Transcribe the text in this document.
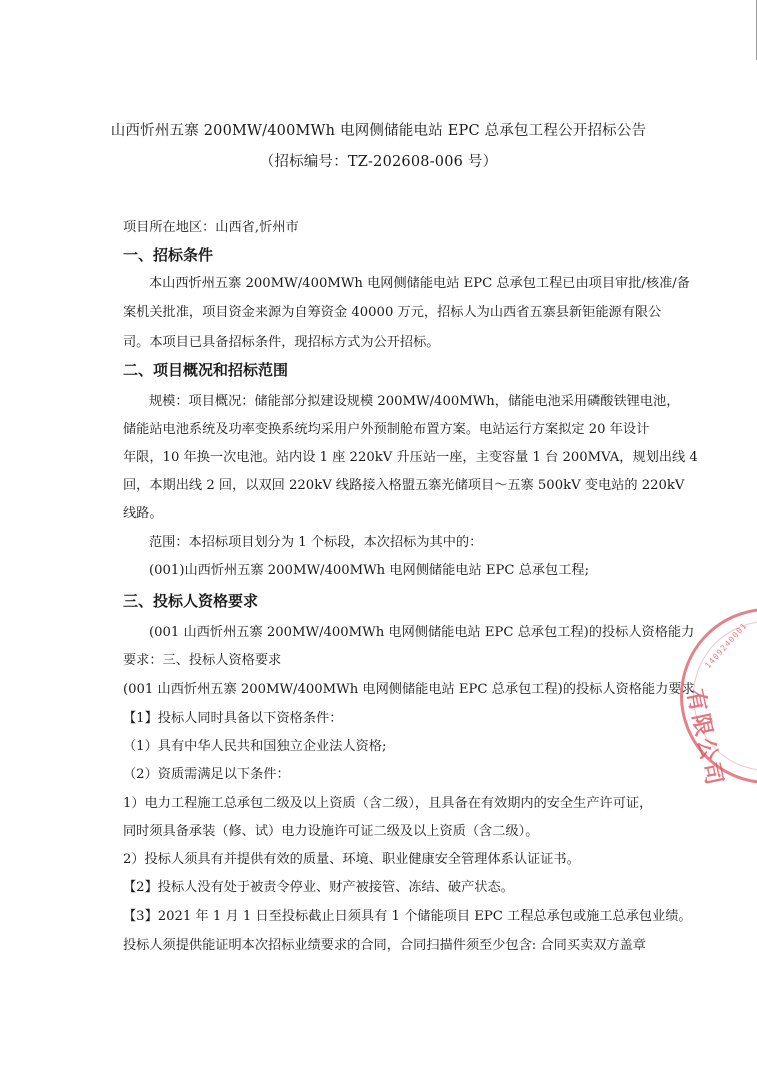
山西忻州五寨 200MW/400MWh 电网侧储能电站 EPC 总承包工程公开招标公告
（招标编号：TZ-202608-006 号）
项目所在地区：山西省,忻州市
一、招标条件
本山西忻州五寨 200MW/400MWh 电网侧储能电站 EPC 总承包工程已由项目审批/核准/备
案机关批准，项目资金来源为自筹资金 40000 万元，招标人为山西省五寨县新钜能源有限公
司。本项目已具备招标条件，现招标方式为公开招标。
二、项目概况和招标范围
规模：项目概况：储能部分拟建设规模 200MW/400MWh，储能电池采用磷酸铁锂电池，
储能站电池系统及功率变换系统均采用户外预制舱布置方案。电站运行方案拟定 20 年设计
年限，10 年换一次电池。站内设 1 座 220kV 升压站一座，主变容量 1 台 200MVA，规划出线 4
回，本期出线 2 回，以双回 220kV 线路接入格盟五寨光储项目～五寨 500kV 变电站的 220kV
线路。
范围：本招标项目划分为 1 个标段，本次招标为其中的：
(001)山西忻州五寨 200MW/400MWh 电网侧储能电站 EPC 总承包工程;
三、投标人资格要求
(001 山西忻州五寨 200MW/400MWh 电网侧储能电站 EPC 总承包工程)的投标人资格能力
要求：三、投标人资格要求
(001 山西忻州五寨 200MW/400MWh 电网侧储能电站 EPC 总承包工程)的投标人资格能力要求
【1】投标人同时具备以下资格条件：
（1）具有中华人民共和国独立企业法人资格;
（2）资质需满足以下条件：
1）电力工程施工总承包二级及以上资质（含二级），且具备在有效期内的安全生产许可证，
同时须具备承装（修、试）电力设施许可证二级及以上资质（含二级）。
2）投标人须具有并提供有效的质量、环境、职业健康安全管理体系认证证书。
【2】投标人没有处于被责令停业、财产被接管、冻结、破产状态。
【3】2021 年 1 月 1 日至投标截止日须具有 1 个储能项目 EPC 工程总承包或施工总承包业绩。
投标人须提供能证明本次招标业绩要求的合同，合同扫描件须至少包含: 合同买卖双方盖章
1409240001
有限公司
